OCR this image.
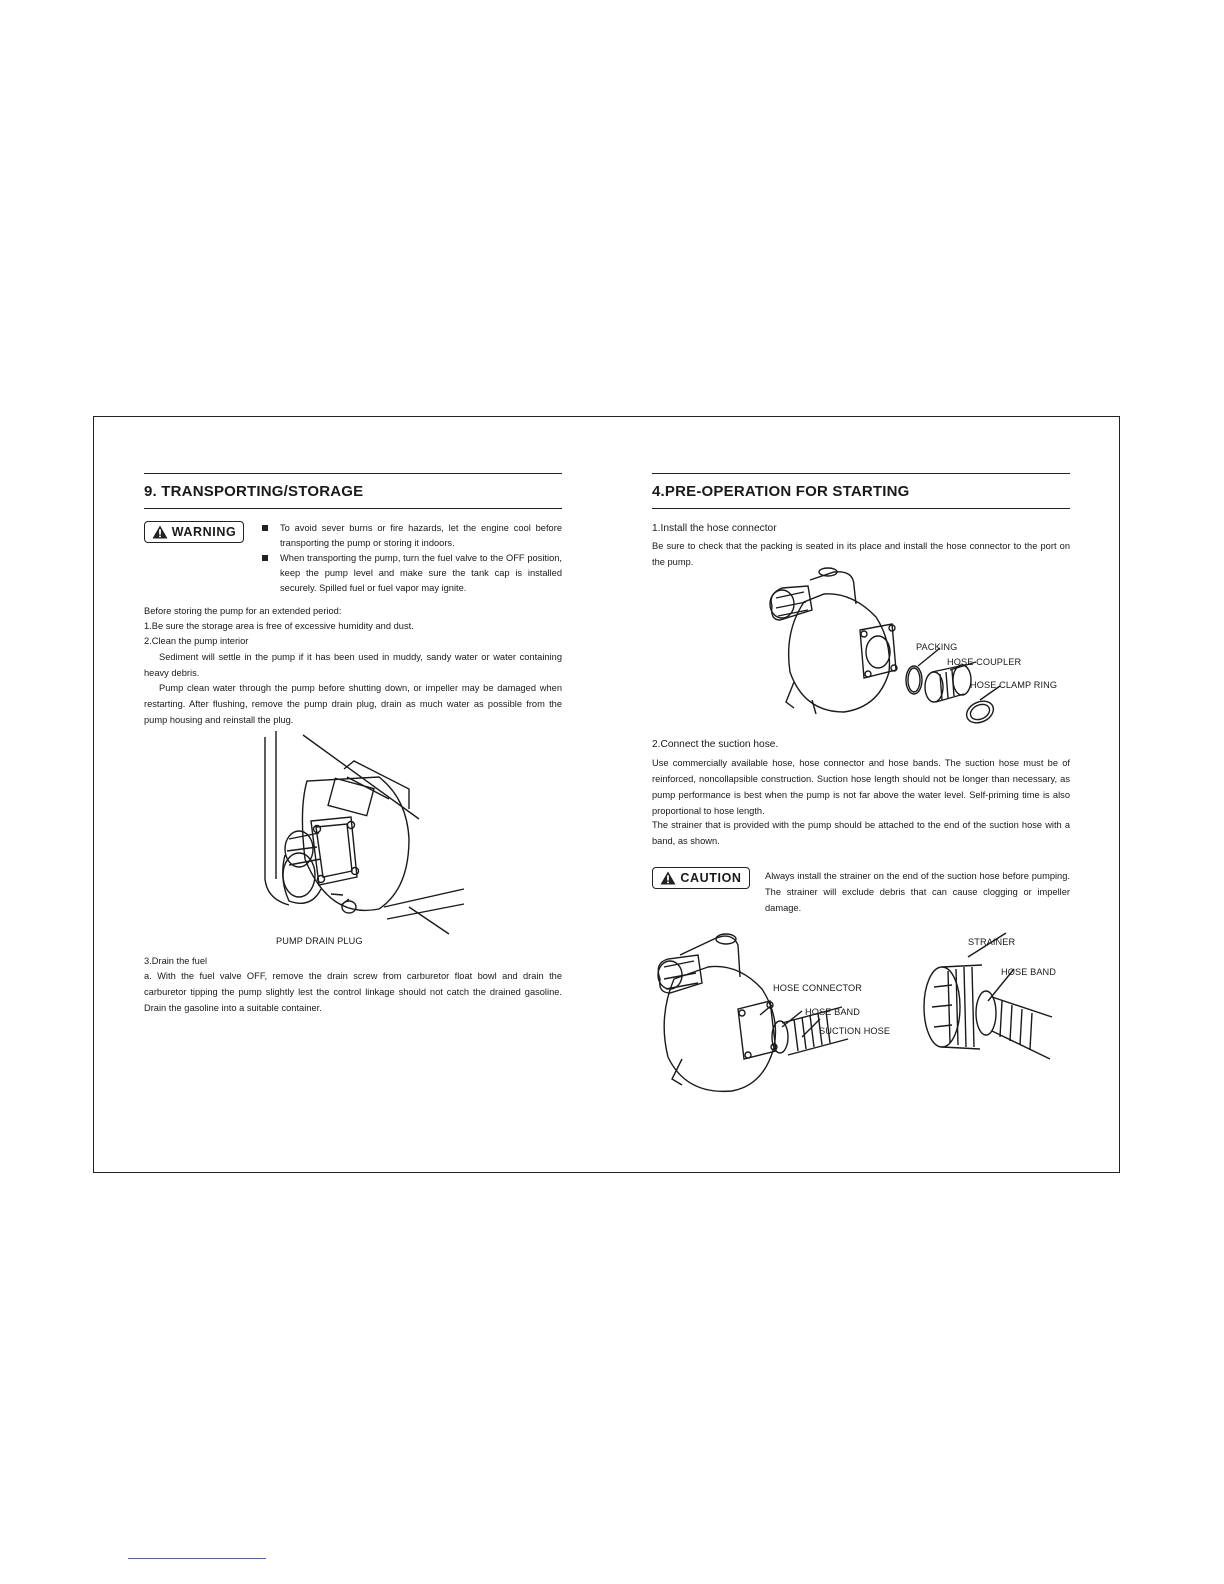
9. TRANSPORTING/STORAGE
WARNING	To avoid sever burns or fire hazards, let the engine cool before transporting the pump or storing it indoors.
When transporting the pump, turn the fuel valve to the OFF position, keep the pump level and make sure the tank cap is installed securely. Spilled fuel or fuel vapor may ignite.
Before storing the pump for an extended period:
1.Be sure the storage area is free of excessive humidity and dust.
2.Clean the pump interior
Sediment will settle in the pump if it has been used in muddy, sandy water or water containing heavy debris.
Pump clean water through the pump before shutting down, or impeller may be damaged when restarting. After flushing, remove the pump drain plug, drain as much water as possible from the pump housing and reinstall the plug.
PUMP DRAIN PLUG
3.Drain the fuel
a. With the fuel valve OFF, remove the drain screw from carburetor float bowl and drain the carburetor tipping the pump slightly lest the control linkage should not catch the drained gasoline. Drain the gasoline into a suitable container.
4.PRE-OPERATION FOR STARTING
1.Install the hose connector
Be sure to check that the packing is seated in its place and install the hose connector to the port on the pump.
PACKING
HOSE COUPLER
HOSE CLAMP RING
2.Connect the suction hose.
Use commercially available hose, hose connector and hose bands. The suction hose must be of reinforced, noncollapsible construction. Suction hose length should not be longer than necessary, as pump performance is best when the pump is not far above the water level. Self-priming time is also proportional to hose length.
The strainer that is provided with the pump should be attached to the end of the suction hose with a band, as shown.
CAUTION	Always install the strainer on the end of the suction hose before pumping. The strainer will exclude debris that can cause clogging or impeller damage.
STRAINER
HOSE BAND
HOSE CONNECTOR
HOSE BAND
SUCTION HOSE
